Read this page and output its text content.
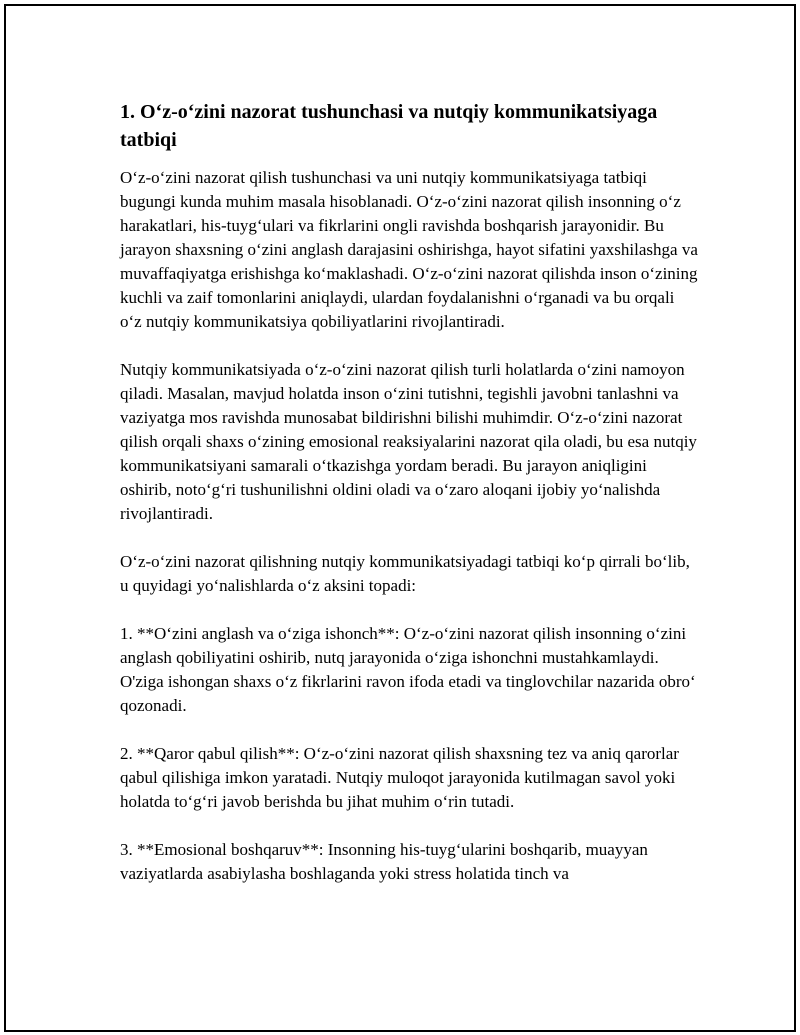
1. O‘z-o‘zini nazorat tushunchasi va nutqiy kommunikatsiyaga tatbiqi

O‘z-o‘zini nazorat qilish tushunchasi va uni nutqiy kommunikatsiyaga tatbiqi bugungi kunda muhim masala hisoblanadi. O‘z-o‘zini nazorat qilish insonning o‘z harakatlari, his-tuyg‘ulari va fikrlarini ongli ravishda boshqarish jarayonidir. Bu jarayon shaxsning o‘zini anglash darajasini oshirishga, hayot sifatini yaxshilashga va muvaffaqiyatga erishishga ko‘maklashadi. O‘z-o‘zini nazorat qilishda inson o‘zining kuchli va zaif tomonlarini aniqlaydi, ulardan foydalanishni o‘rganadi va bu orqali o‘z nutqiy kommunikatsiya qobiliyatlarini rivojlantiradi.

Nutqiy kommunikatsiyada o‘z-o‘zini nazorat qilish turli holatlarda o‘zini namoyon qiladi. Masalan, mavjud holatda inson o‘zini tutishni, tegishli javobni tanlashni va vaziyatga mos ravishda munosabat bildirishni bilishi muhimdir. O‘z-o‘zini nazorat qilish orqali shaxs o‘zining emosional reaksiyalarini nazorat qila oladi, bu esa nutqiy kommunikatsiyani samarali o‘tkazishga yordam beradi. Bu jarayon aniqligini oshirib, noto‘g‘ri tushunilishni oldini oladi va o‘zaro aloqani ijobiy yo‘nalishda rivojlantiradi.

O‘z-o‘zini nazorat qilishning nutqiy kommunikatsiyadagi tatbiqi ko‘p qirrali bo‘lib, u quyidagi yo‘nalishlarda o‘z aksini topadi:

1. **O‘zini anglash va o‘ziga ishonch**: O‘z-o‘zini nazorat qilish insonning o‘zini anglash qobiliyatini oshirib, nutq jarayonida o‘ziga ishonchni mustahkamlaydi. O'ziga ishongan shaxs o‘z fikrlarini ravon ifoda etadi va tinglovchilar nazarida obro‘ qozonadi.

2. **Qaror qabul qilish**: O‘z-o‘zini nazorat qilish shaxsning tez va aniq qarorlar qabul qilishiga imkon yaratadi. Nutqiy muloqot jarayonida kutilmagan savol yoki holatda to‘g‘ri javob berishda bu jihat muhim o‘rin tutadi.

3. **Emosional boshqaruv**: Insonning his-tuyg‘ularini boshqarib, muayyan vaziyatlarda asabiylasha boshlaganda yoki stress holatida tinch va
